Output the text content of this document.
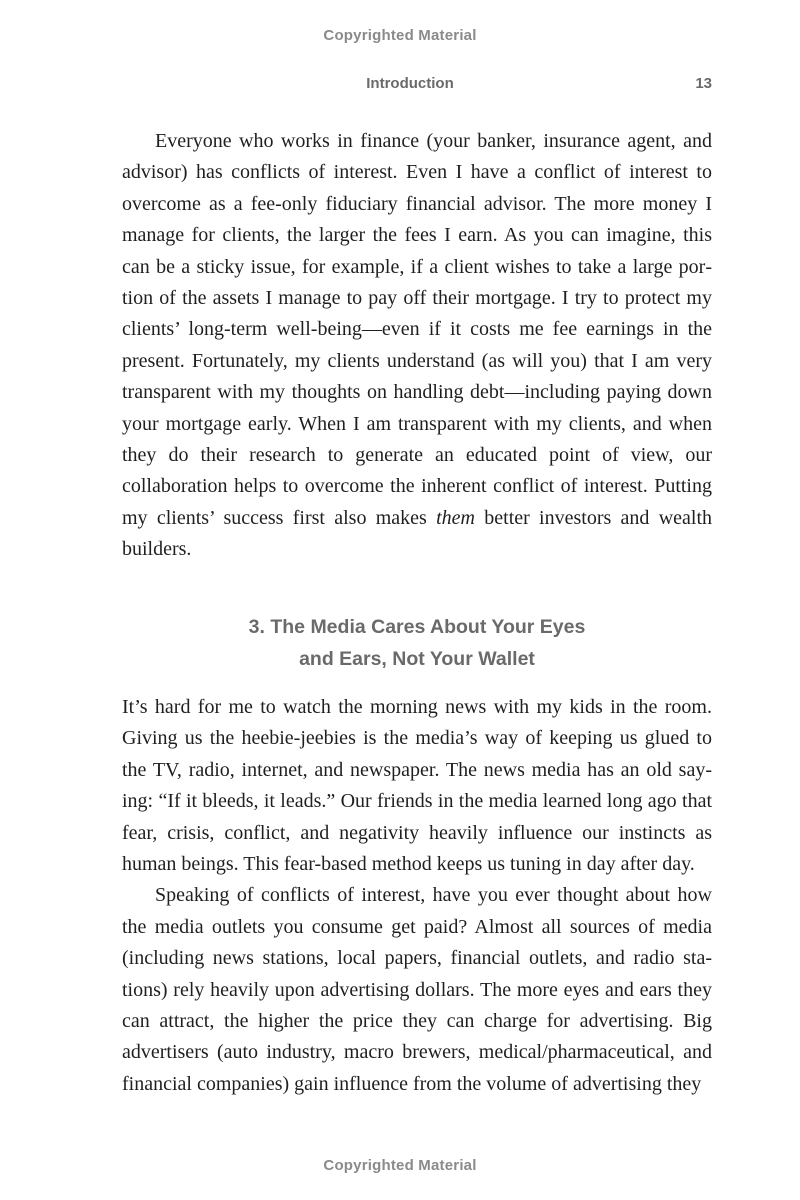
Copyrighted Material
Introduction	13

Everyone who works in finance (your banker, insurance agent, and advisor) has conflicts of interest. Even I have a conflict of interest to overcome as a fee-only fiduciary financial advisor. The more money I manage for clients, the larger the fees I earn. As you can imagine, this can be a sticky issue, for example, if a client wishes to take a large portion of the assets I manage to pay off their mortgage. I try to protect my clients’ long-term well-being—even if it costs me fee earnings in the present. Fortunately, my clients understand (as will you) that I am very transparent with my thoughts on handling debt—including paying down your mortgage early. When I am transparent with my clients, and when they do their research to generate an educated point of view, our collaboration helps to overcome the inherent conflict of interest. Putting my clients’ success first also makes them better investors and wealth builders.

3. The Media Cares About Your Eyes
and Ears, Not Your Wallet

It’s hard for me to watch the morning news with my kids in the room. Giving us the heebie-jeebies is the media’s way of keeping us glued to the TV, radio, internet, and newspaper. The news media has an old saying: “If it bleeds, it leads.” Our friends in the media learned long ago that fear, crisis, conflict, and negativity heavily influence our instincts as human beings. This fear-based method keeps us tuning in day after day.

Speaking of conflicts of interest, have you ever thought about how the media outlets you consume get paid? Almost all sources of media (including news stations, local papers, financial outlets, and radio stations) rely heavily upon advertising dollars. The more eyes and ears they can attract, the higher the price they can charge for advertising. Big advertisers (auto industry, macro brewers, medical/pharmaceutical, and financial companies) gain influence from the volume of advertising they

Copyrighted Material
